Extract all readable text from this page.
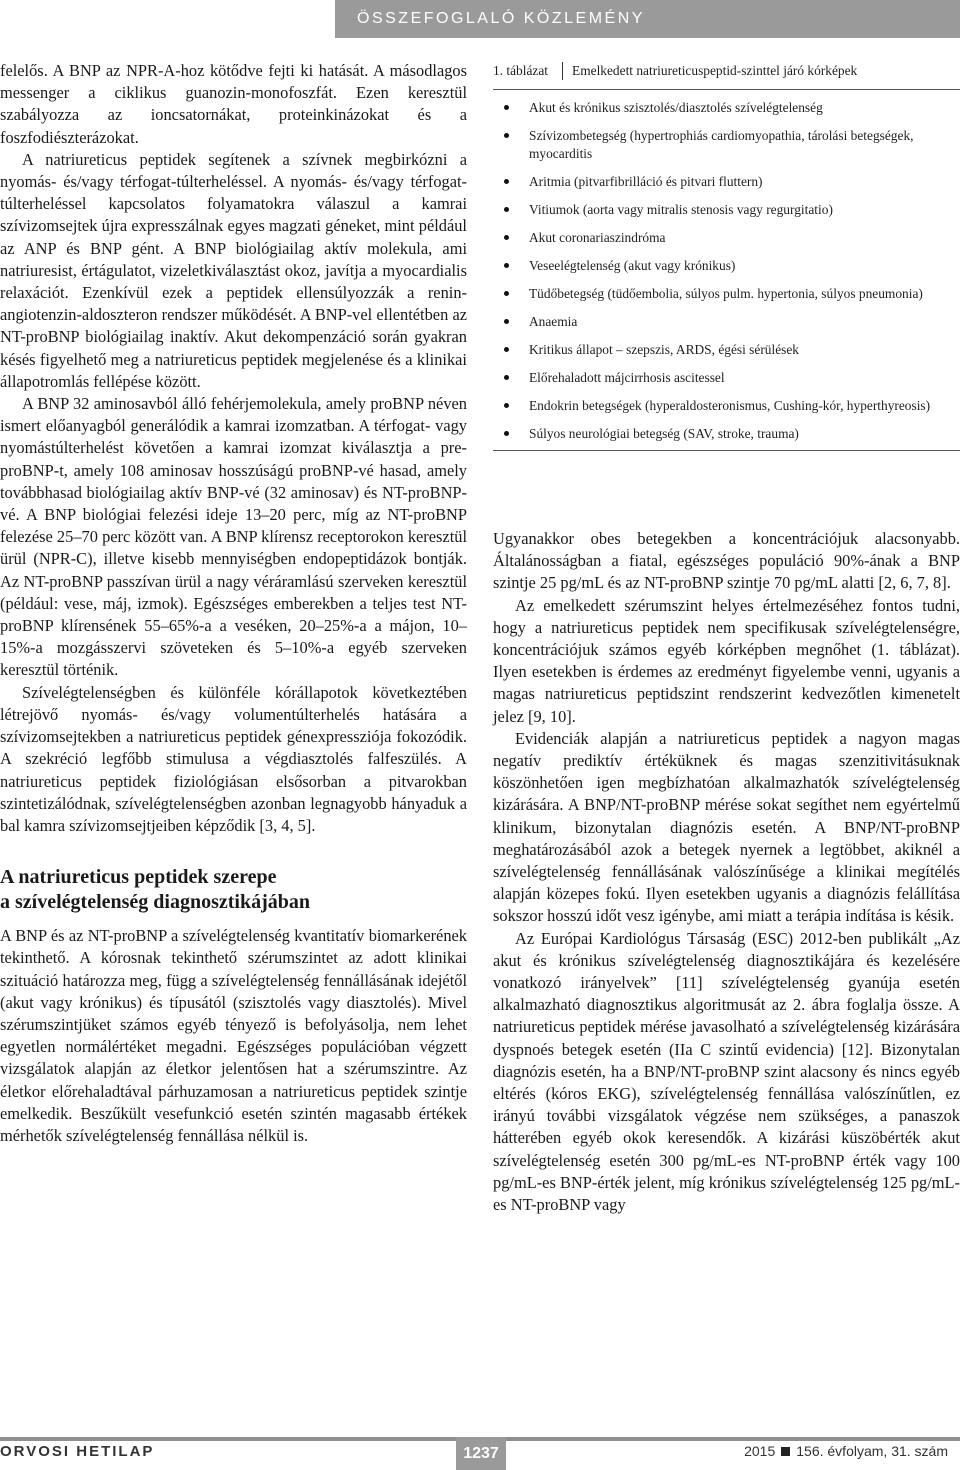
ÖSSZEFOGLALÓ KÖZLEMÉNY

felelős. A BNP az NPR-A-hoz kötődve fejti ki hatását. A másodlagos messenger a ciklikus guanozin-monofoszfát. Ezen keresztül szabályozza az ioncsatornákat, proteinkinázokat és a foszfodiészterázokat.

A natriureticus peptidek segítenek a szívnek megbirkózni a nyomás- és/vagy térfogat-túlterheléssel. A nyomás- és/vagy térfogat-túlterheléssel kapcsolatos folyamatokra válaszul a kamrai szívizomsejtek újra expresszálnak egyes magzati géneket, mint például az ANP és BNP gént. A BNP biológiailag aktív molekula, ami natriuresist, értágulatot, vizeletkiválasztást okoz, javítja a myocardialis relaxációt. Ezenkívül ezek a peptidek ellensúlyozzák a renin-angiotenzin-aldoszteron rendszer működését. A BNP-vel ellentétben az NT-proBNP biológiailag inaktív. Akut dekompenzáció során gyakran késés figyelhető meg a natriureticus peptidek megjelenése és a klinikai állapotromlás fellépése között.

A BNP 32 aminosavból álló fehérjemolekula, amely proBNP néven ismert előanyagból generálódik a kamrai izomzatban. A térfogat- vagy nyomástúlterhelést követően a kamrai izomzat kiválasztja a pre-proBNP-t, amely 108 aminosav hosszúságú proBNP-vé hasad, amely továbbhasad biológiailag aktív BNP-vé (32 aminosav) és NT-proBNP-vé. A BNP biológiai felezési ideje 13–20 perc, míg az NT-proBNP felezése 25–70 perc között van. A BNP klírensz receptorokon keresztül ürül (NPR-C), illetve kisebb mennyiségben endopeptidázok bontják. Az NT-proBNP passzívan ürül a nagy véráramlású szerveken keresztül (például: vese, máj, izmok). Egészséges emberekben a teljes test NT-proBNP klírensének 55–65%-a a veséken, 20–25%-a a májon, 10–15%-a mozgásszervi szöveteken és 5–10%-a egyéb szerveken keresztül történik.

Szívelégtelenségben és különféle kórállapotok következtében létrejövő nyomás- és/vagy volumentúlterhelés hatására a szívizomsejtekben a natriureticus peptidek génexpressziója fokozódik. A szekréció legfőbb stimulusa a végdiasztolés falfeszülés. A natriureticus peptidek fiziológiásan elsősorban a pitvarokban szintetizálódnak, szívelégtelenségben azonban legnagyobb hányaduk a bal kamra szívizomsejtjeiben képződik [3, 4, 5].

A natriureticus peptidek szerepe
a szívelégtelenség diagnosztikájában

A BNP és az NT-proBNP a szívelégtelenség kvantitatív biomarkerének tekinthető. A kórosnak tekinthető szérumszintet az adott klinikai szituáció határozza meg, függ a szívelégtelenség fennállásának idejétől (akut vagy krónikus) és típusától (szisztolés vagy diasztolés). Mivel szérumszintjüket számos egyéb tényező is befolyásolja, nem lehet egyetlen normálértéket megadni. Egészséges populációban végzett vizsgálatok alapján az életkor jelentősen hat a szérumszintre. Az életkor előrehaladtával párhuzamosan a natriureticus peptidek szintje emelkedik. Beszűkült vesefunkció esetén szintén magasabb értékek mérhetők szívelégtelenség fennállása nélkül is.

1. táblázat	Emelkedett natriureticuspeptid-szinttel járó kórképek
Akut és krónikus szisztolés/diasztolés szívelégtelenség
Szívizombetegség (hypertrophiás cardiomyopathia, tárolási betegségek, myocarditis
Aritmia (pitvarfibrilláció és pitvari fluttern)
Vitiumok (aorta vagy mitralis stenosis vagy regurgitatio)
Akut coronariaszindróma
Veseelégtelenség (akut vagy krónikus)
Tüdőbetegség (tüdőembolia, súlyos pulm. hypertonia, súlyos pneumonia)
Anaemia
Kritikus állapot – szepszis, ARDS, égési sérülések
Előrehaladott májcirrhosis ascitessel
Endokrin betegségek (hyperaldosteronismus, Cushing-kór, hyperthyreosis)
Súlyos neurológiai betegség (SAV, stroke, trauma)

Ugyanakkor obes betegekben a koncentrációjuk alacsonyabb. Általánosságban a fiatal, egészséges populáció 90%-ának a BNP szintje 25 pg/mL és az NT-proBNP szintje 70 pg/mL alatti [2, 6, 7, 8].

Az emelkedett szérumszint helyes értelmezéséhez fontos tudni, hogy a natriureticus peptidek nem specifikusak szívelégtelenségre, koncentrációjuk számos egyéb kórképben megnőhet (1. táblázat). Ilyen esetekben is érdemes az eredményt figyelembe venni, ugyanis a magas natriureticus peptidszint rendszerint kedvezőtlen kimenetelt jelez [9, 10].

Evidenciák alapján a natriureticus peptidek a nagyon magas negatív prediktív értéküknek és magas szenzitivitásuknak köszönhetően igen megbízhatóan alkalmazhatók szívelégtelenség kizárására. A BNP/NT-proBNP mérése sokat segíthet nem egyértelmű klinikum, bizonytalan diagnózis esetén. A BNP/NT-proBNP meghatározásából azok a betegek nyernek a legtöbbet, akiknél a szívelégtelenség fennállásának valószínűsége a klinikai megítélés alapján közepes fokú. Ilyen esetekben ugyanis a diagnózis felállítása sokszor hosszú időt vesz igénybe, ami miatt a terápia indítása is késik.

Az Európai Kardiológus Társaság (ESC) 2012-ben publikált „Az akut és krónikus szívelégtelenség diagnosztikájára és kezelésére vonatkozó irányelvek” [11] szívelégtelenség gyanúja esetén alkalmazható diagnosztikus algoritmusát az 2. ábra foglalja össze. A natriureticus peptidek mérése javasolható a szívelégtelenség kizárására dyspnoés betegek esetén (IIa C szintű evidencia) [12]. Bizonytalan diagnózis esetén, ha a BNP/NT-proBNP szint alacsony és nincs egyéb eltérés (kóros EKG), szívelégtelenség fennállása valószínűtlen, ez irányú további vizsgálatok végzése nem szükséges, a panaszok hátterében egyéb okok keresendők. A kizárási küszöbérték akut szívelégtelenség esetén 300 pg/mL-es NT-proBNP érték vagy 100 pg/mL-es BNP-érték jelent, míg krónikus szívelégtelenség 125 pg/mL-es NT-proBNP vagy

ORVOSI HETILAP	1237	2015 156. évfolyam, 31. szám
